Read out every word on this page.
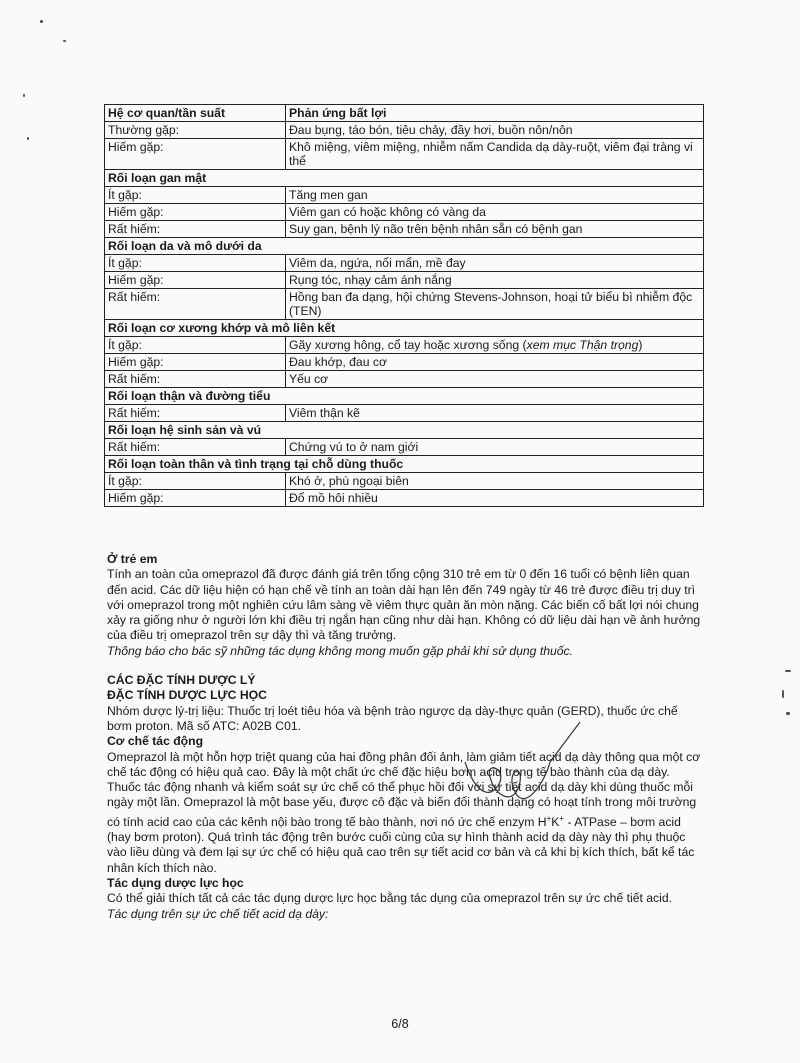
Hệ cơ quan/tần suất	Phản ứng bất lợi
Thường gặp:	Đau bụng, táo bón, tiêu chảy, đầy hơi, buồn nôn/nôn
Hiếm gặp:	Khô miệng, viêm miệng, nhiễm nấm Candida dạ dày-ruột, viêm đại tràng vi thể
Rối loạn gan mật	
Ít gặp:	Tăng men gan
Hiếm gặp:	Viêm gan có hoặc không có vàng da
Rất hiếm:	Suy gan, bệnh lý não trên bệnh nhân sẵn có bệnh gan
Rối loạn da và mô dưới da	
Ít gặp:	Viêm da, ngứa, nổi mẩn, mề đay
Hiếm gặp:	Rụng tóc, nhạy cảm ánh nắng
Rất hiếm:	Hồng ban đa dạng, hội chứng Stevens-Johnson, hoại tử biểu bì nhiễm độc (TEN)
Rối loạn cơ xương khớp và mô liên kết	
Ít gặp:	Gãy xương hông, cổ tay hoặc xương sống (xem mục Thận trọng)
Hiếm gặp:	Đau khớp, đau cơ
Rất hiếm:	Yếu cơ
Rối loạn thận và đường tiểu	
Rất hiếm:	Viêm thận kẽ
Rối loạn hệ sinh sản và vú	
Rất hiếm:	Chứng vú to ở nam giới
Rối loạn toàn thân và tình trạng tại chỗ dùng thuốc	
Ít gặp:	Khó ở, phù ngoại biên
Hiếm gặp:	Đổ mồ hôi nhiều

Ở trẻ em

Tính an toàn của omeprazol đã được đánh giá trên tổng cộng 310 trẻ em từ 0 đến 16 tuổi có bệnh liên quan đến acid. Các dữ liệu hiện có hạn chế về tính an toàn dài hạn lên đến 749 ngày từ 46 trẻ được điều trị duy trì với omeprazol trong một nghiên cứu lâm sàng về viêm thực quản ăn mòn nặng. Các biến cố bất lợi nói chung xảy ra giống như ở người lớn khi điều trị ngắn hạn cũng như dài hạn. Không có dữ liệu dài hạn về ảnh hưởng của điều trị omeprazol trên sự dậy thì và tăng trưởng.

Thông báo cho bác sỹ những tác dụng không mong muốn gặp phải khi sử dụng thuốc.

CÁC ĐẶC TÍNH DƯỢC LÝ

ĐẶC TÍNH DƯỢC LỰC HỌC

Nhóm dược lý-trị liệu: Thuốc trị loét tiêu hóa và bệnh trào ngược dạ dày-thực quản (GERD), thuốc ức chế bơm proton. Mã số ATC: A02B C01.

Cơ chế tác động

Omeprazol là một hỗn hợp triệt quang của hai đồng phân đối ảnh, làm giảm tiết acid dạ dày thông qua một cơ chế tác động có hiệu quả cao. Đây là một chất ức chế đặc hiệu bơm acid trong tế bào thành của dạ dày. Thuốc tác động nhanh và kiểm soát sự ức chế có thể phục hồi đối với sự tiết acid dạ dày khi dùng thuốc mỗi ngày một lần. Omeprazol là một base yếu, được cô đặc và biến đổi thành dạng có hoạt tính trong môi trường có tính acid cao của các kênh nội bào trong tế bào thành, nơi nó ức chế enzym H+K+ - ATPase – bơm acid (hay bơm proton). Quá trình tác động trên bước cuối cùng của sự hình thành acid dạ dày này thì phụ thuộc vào liều dùng và đem lại sự ức chế có hiệu quả cao trên sự tiết acid cơ bản và cả khi bị kích thích, bất kể tác nhân kích thích nào.

Tác dụng dược lực học

Có thể giải thích tất cả các tác dụng dược lực học bằng tác dụng của omeprazol trên sự ức chế tiết acid.

Tác dụng trên sự ức chế tiết acid dạ dày:

6/8
